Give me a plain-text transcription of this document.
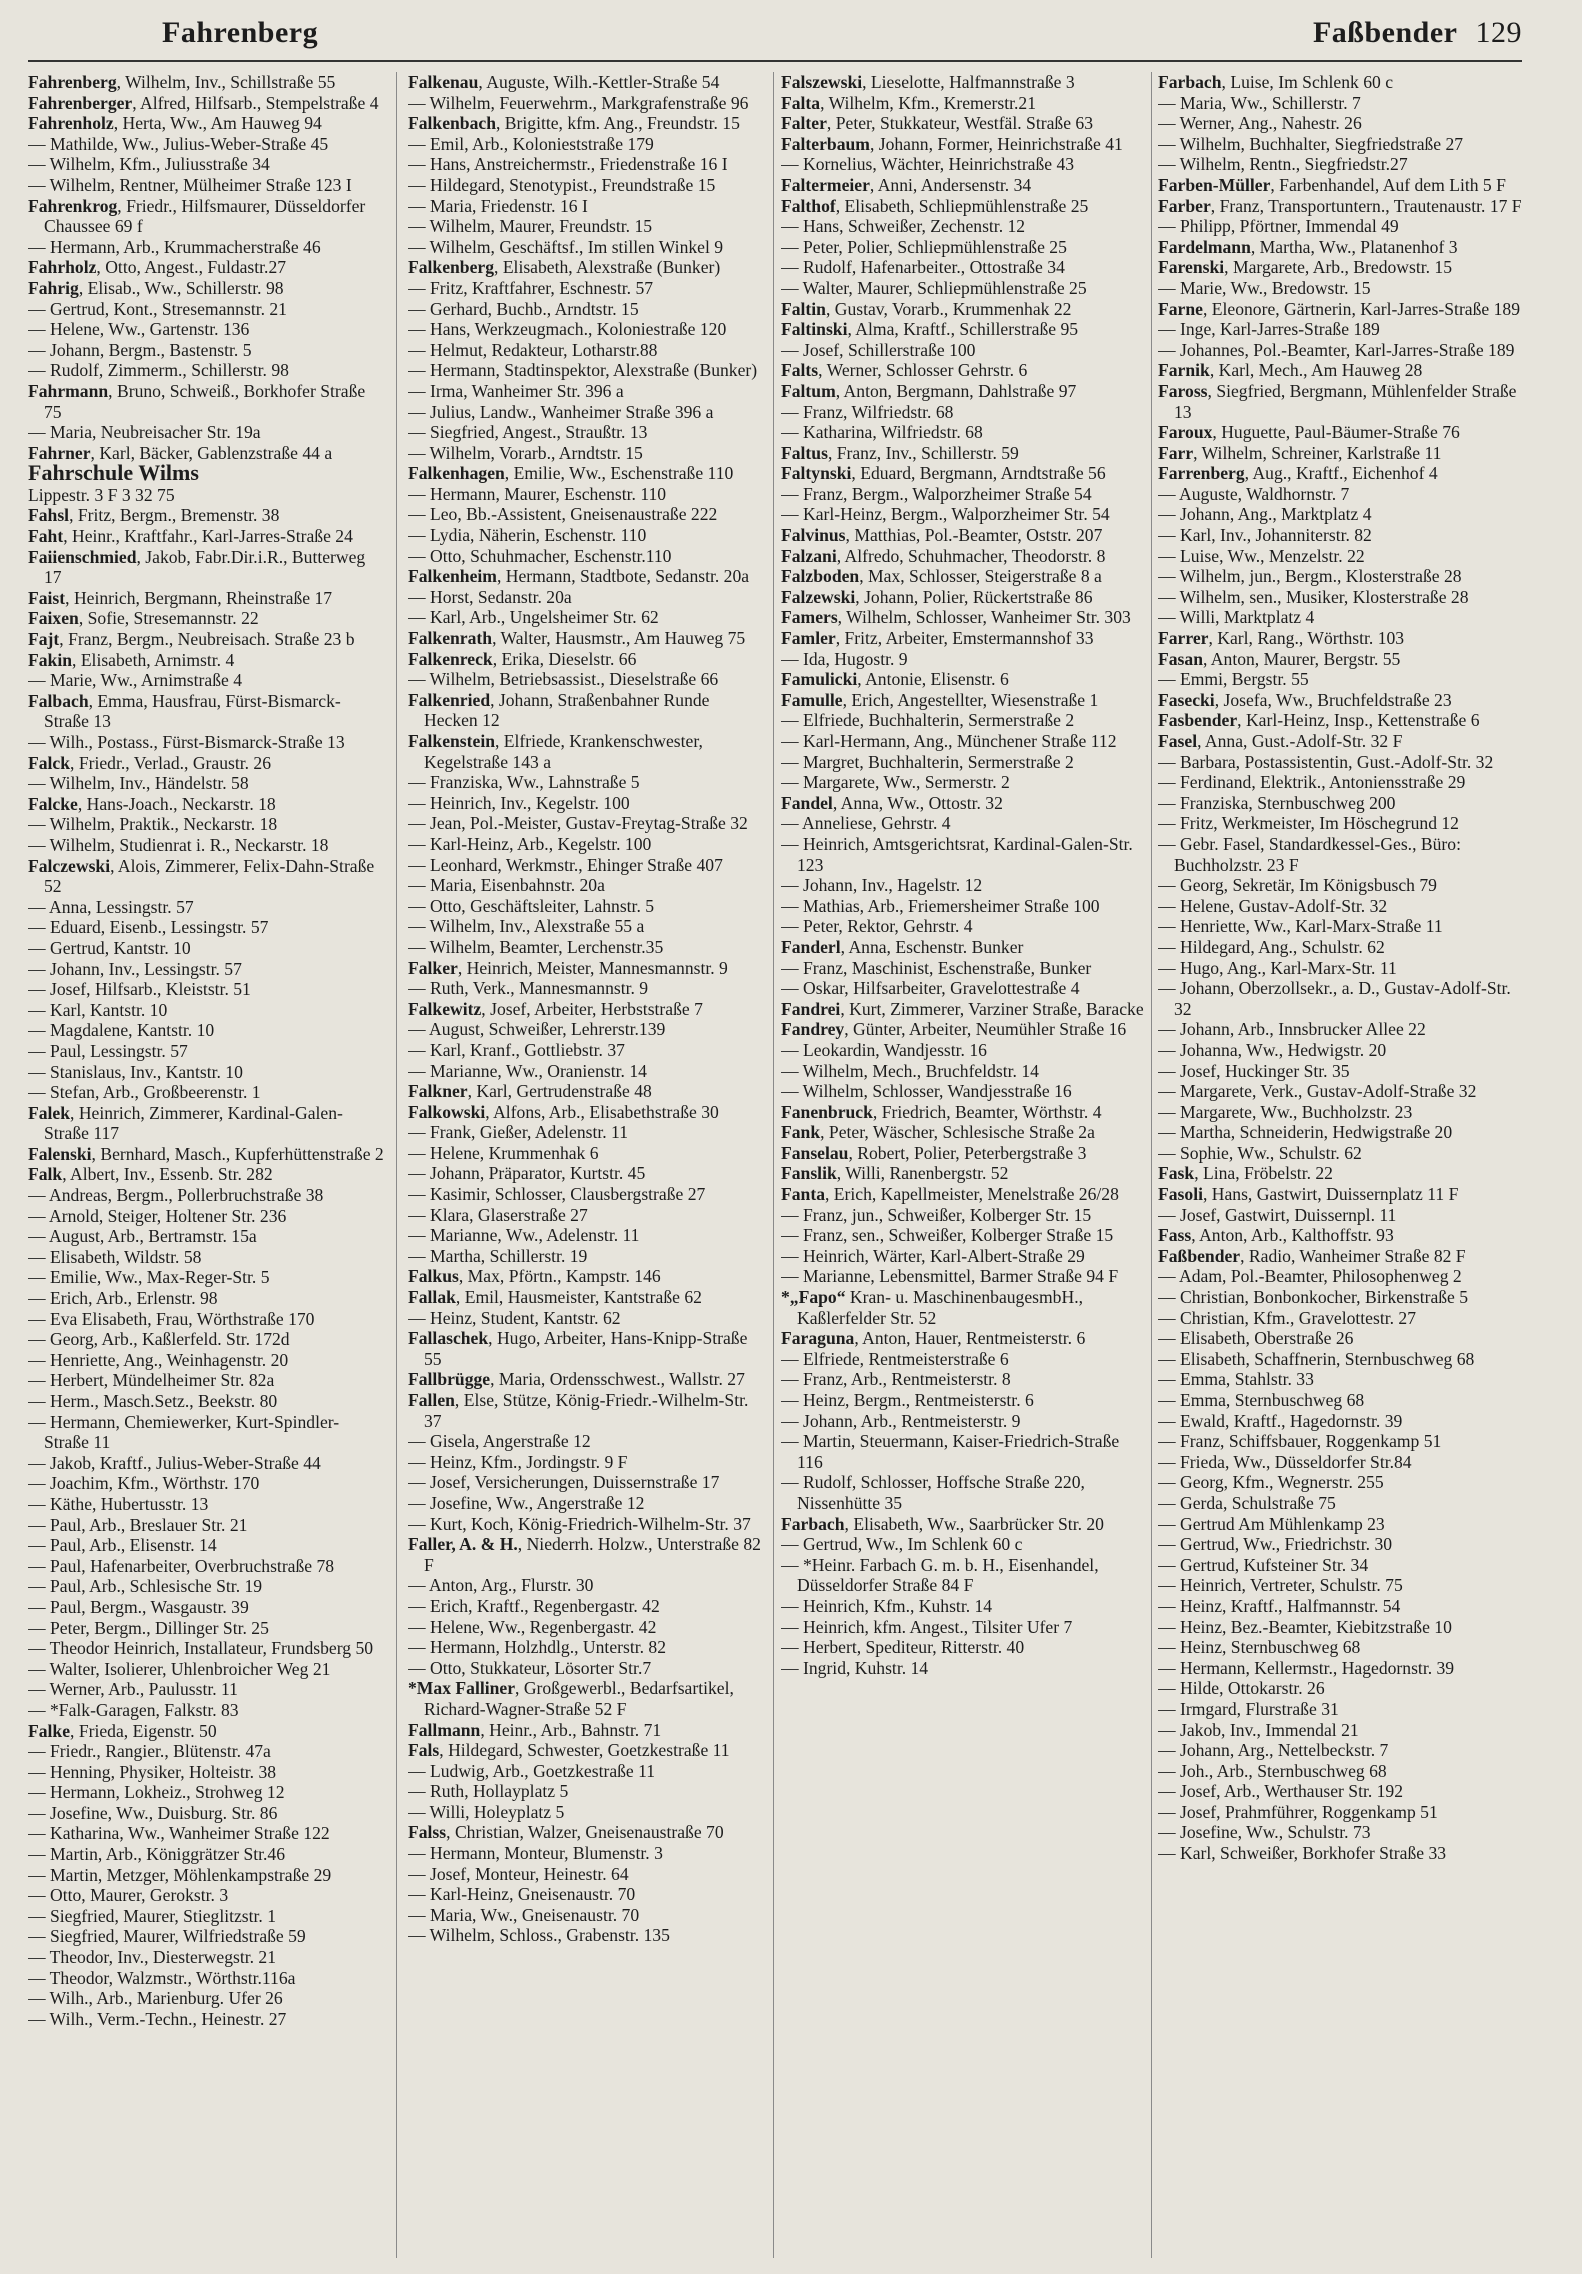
Fahrenberg	Faßbender 129
Fahrenberg, Wilhelm, Inv., Schillstraße 55
Fahrenberger, Alfred, Hilfsarb., Stempelstraße 4
Fahrenholz, Herta, Ww., Am Hauweg 94
— Mathilde, Ww., Julius-Weber-Straße 45
— Wilhelm, Kfm., Juliusstraße 34
— Wilhelm, Rentner, Mülheimer Straße 123 I
Fahrenkrog, Friedr., Hilfsmaurer, Düsseldorfer Chaussee 69 f
— Hermann, Arb., Krummacherstraße 46
Fahrholz, Otto, Angest., Fuldastr.27
Fahrig, Elisab., Ww., Schillerstr. 98
— Gertrud, Kont., Stresemannstr. 21
— Helene, Ww., Gartenstr. 136
— Johann, Bergm., Bastenstr. 5
— Rudolf, Zimmerm., Schillerstr. 98
Fahrmann, Bruno, Schweiß., Borkhofer Straße 75
— Maria, Neubreisacher Str. 19a
Fahrner, Karl, Bäcker, Gablenzstraße 44 a
Fahrschule Wilms
Lippestr. 3 F 3 32 75
Fahsl, Fritz, Bergm., Bremenstr. 38
Faht, Heinr., Kraftfahr., Karl-Jarres-Straße 24
Faiienschmied, Jakob, Fabr.Dir.i.R., Butterweg 17
Faist, Heinrich, Bergmann, Rheinstraße 17
Faixen, Sofie, Stresemannstr. 22
Fajt, Franz, Bergm., Neubreisach. Straße 23 b
Fakin, Elisabeth, Arnimstr. 4
— Marie, Ww., Arnimstraße 4
Falbach, Emma, Hausfrau, Fürst-Bismarck-Straße 13
— Wilh., Postass., Fürst-Bismarck-Straße 13
Falck, Friedr., Verlad., Graustr. 26
— Wilhelm, Inv., Händelstr. 58
Falcke, Hans-Joach., Neckarstr. 18
— Wilhelm, Praktik., Neckarstr. 18
— Wilhelm, Studienrat i. R., Neckarstr. 18
Falczewski, Alois, Zimmerer, Felix-Dahn-Straße 52
— Anna, Lessingstr. 57
— Eduard, Eisenb., Lessingstr. 57
— Gertrud, Kantstr. 10
— Johann, Inv., Lessingstr. 57
— Josef, Hilfsarb., Kleiststr. 51
— Karl, Kantstr. 10
— Magdalene, Kantstr. 10
— Paul, Lessingstr. 57
— Stanislaus, Inv., Kantstr. 10
— Stefan, Arb., Großbeerenstr. 1
Falek, Heinrich, Zimmerer, Kardinal-Galen-Straße 117
Falenski, Bernhard, Masch., Kupferhüttenstraße 2
Falk, Albert, Inv., Essenb. Str. 282
— Andreas, Bergm., Pollerbruchstraße 38
— Arnold, Steiger, Holtener Str. 236
— August, Arb., Bertramstr. 15a
— Elisabeth, Wildstr. 58
— Emilie, Ww., Max-Reger-Str. 5
— Erich, Arb., Erlenstr. 98
— Eva Elisabeth, Frau, Wörthstraße 170
— Georg, Arb., Kaßlerfeld. Str. 172d
— Henriette, Ang., Weinhagenstr. 20
— Herbert, Mündelheimer Str. 82a
— Herm., Masch.Setz., Beekstr. 80
— Hermann, Chemiewerker, Kurt-Spindler-Straße 11
— Jakob, Kraftf., Julius-Weber-Straße 44
— Joachim, Kfm., Wörthstr. 170
— Käthe, Hubertusstr. 13
— Paul, Arb., Breslauer Str. 21
— Paul, Arb., Elisenstr. 14
— Paul, Hafenarbeiter, Overbruchstraße 78
— Paul, Arb., Schlesische Str. 19
— Paul, Bergm., Wasgaustr. 39
— Peter, Bergm., Dillinger Str. 25
— Theodor Heinrich, Installateur, Frundsberg 50
— Walter, Isolierer, Uhlenbroicher Weg 21
— Werner, Arb., Paulusstr. 11
— *Falk-Garagen, Falkstr. 83
Falke, Frieda, Eigenstr. 50
— Friedr., Rangier., Blütenstr. 47a
— Henning, Physiker, Holteistr. 38
— Hermann, Lokheiz., Strohweg 12
— Josefine, Ww., Duisburg. Str. 86
— Katharina, Ww., Wanheimer Straße 122
— Martin, Arb., Königgrätzer Str.46
— Martin, Metzger, Möhlenkampstraße 29
— Otto, Maurer, Gerokstr. 3
— Siegfried, Maurer, Stieglitzstr. 1
— Siegfried, Maurer, Wilfriedstraße 59
— Theodor, Inv., Diesterwegstr. 21
— Theodor, Walzmstr., Wörthstr.116a
— Wilh., Arb., Marienburg. Ufer 26
— Wilh., Verm.-Techn., Heinestr. 27
Falkenau, Auguste, Wilh.-Kettler-Straße 54
— Wilhelm, Feuerwehrm., Markgrafenstraße 96
Falkenbach, Brigitte, kfm. Ang., Freundstr. 15
— Emil, Arb., Kolonieststraße 179
— Hans, Anstreichermstr., Friedenstraße 16 I
— Hildegard, Stenotypist., Freundstraße 15
— Maria, Friedenstr. 16 I
— Wilhelm, Maurer, Freundstr. 15
— Wilhelm, Geschäftsf., Im stillen Winkel 9
Falkenberg, Elisabeth, Alexstraße (Bunker)
— Fritz, Kraftfahrer, Eschnestr. 57
— Gerhard, Buchb., Arndtstr. 15
— Hans, Werkzeugmach., Koloniestraße 120
— Helmut, Redakteur, Lotharstr.88
— Hermann, Stadtinspektor, Alexstraße (Bunker)
— Irma, Wanheimer Str. 396 a
— Julius, Landw., Wanheimer Straße 396 a
— Siegfried, Angest., Straußtr. 13
— Wilhelm, Vorarb., Arndtstr. 15
Falkenhagen, Emilie, Ww., Eschenstraße 110
— Hermann, Maurer, Eschenstr. 110
— Leo, Bb.-Assistent, Gneisenaustraße 222
— Lydia, Näherin, Eschenstr. 110
— Otto, Schuhmacher, Eschenstr.110
Falkenheim, Hermann, Stadtbote, Sedanstr. 20a
— Horst, Sedanstr. 20a
— Karl, Arb., Ungelsheimer Str. 62
Falkenrath, Walter, Hausmstr., Am Hauweg 75
Falkenreck, Erika, Dieselstr. 66
— Wilhelm, Betriebsassist., Dieselstraße 66
Falkenried, Johann, Straßenbahner Runde Hecken 12
Falkenstein, Elfriede, Krankenschwester, Kegelstraße 143 a
— Franziska, Ww., Lahnstraße 5
— Heinrich, Inv., Kegelstr. 100
— Jean, Pol.-Meister, Gustav-Freytag-Straße 32
— Karl-Heinz, Arb., Kegelstr. 100
— Leonhard, Werkmstr., Ehinger Straße 407
— Maria, Eisenbahnstr. 20a
— Otto, Geschäftsleiter, Lahnstr. 5
— Wilhelm, Inv., Alexstraße 55 a
— Wilhelm, Beamter, Lerchenstr.35
Falker, Heinrich, Meister, Mannesmannstr. 9
— Ruth, Verk., Mannesmannstr. 9
Falkewitz, Josef, Arbeiter, Herbststraße 7
— August, Schweißer, Lehrerstr.139
— Karl, Kranf., Gottliebstr. 37
— Marianne, Ww., Oranienstr. 14
Falkner, Karl, Gertrudenstraße 48
Falkowski, Alfons, Arb., Elisabethstraße 30
— Frank, Gießer, Adelenstr. 11
— Helene, Krummenhak 6
— Johann, Präparator, Kurtstr. 45
— Kasimir, Schlosser, Clausbergstraße 27
— Klara, Glaserstraße 27
— Marianne, Ww., Adelenstr. 11
— Martha, Schillerstr. 19
Falkus, Max, Pförtn., Kampstr. 146
Fallak, Emil, Hausmeister, Kantstraße 62
— Heinz, Student, Kantstr. 62
Fallaschek, Hugo, Arbeiter, Hans-Knipp-Straße 55
Fallbrügge, Maria, Ordensschwest., Wallstr. 27
Fallen, Else, Stütze, König-Friedr.-Wilhelm-Str. 37
— Gisela, Angerstraße 12
— Heinz, Kfm., Jordingstr. 9 F
— Josef, Versicherungen, Duissernstraße 17
— Josefine, Ww., Angerstraße 12
— Kurt, Koch, König-Friedrich-Wilhelm-Str. 37
Faller, A. & H., Niederrh. Holzw., Unterstraße 82 F
— Anton, Arg., Flurstr. 30
— Erich, Kraftf., Regenbergastr. 42
— Helene, Ww., Regenbergastr. 42
— Hermann, Holzhdlg., Unterstr. 82
— Otto, Stukkateur, Lösorter Str.7
*Max Falliner, Großgewerbl., Bedarfsartikel, Richard-Wagner-Straße 52 F
Fallmann, Heinr., Arb., Bahnstr. 71
Fals, Hildegard, Schwester, Goetzkestraße 11
— Ludwig, Arb., Goetzkestraße 11
— Ruth, Hollayplatz 5
— Willi, Holeyplatz 5
Falss, Christian, Walzer, Gneisenaustraße 70
— Hermann, Monteur, Blumenstr. 3
— Josef, Monteur, Heinestr. 64
— Karl-Heinz, Gneisenaustr. 70
— Maria, Ww., Gneisenaustr. 70
— Wilhelm, Schloss., Grabenstr. 135
Falszewski, Lieselotte, Halfmannstraße 3
Falta, Wilhelm, Kfm., Kremerstr.21
Falter, Peter, Stukkateur, Westfäl. Straße 63
Falterbaum, Johann, Former, Heinrichstraße 41
— Kornelius, Wächter, Heinrichstraße 43
Faltermeier, Anni, Andersenstr. 34
Falthof, Elisabeth, Schliepmühlenstraße 25
— Hans, Schweißer, Zechenstr. 12
— Peter, Polier, Schliepmühlenstraße 25
— Rudolf, Hafenarbeiter., Ottostraße 34
— Walter, Maurer, Schliepmühlenstraße 25
Faltin, Gustav, Vorarb., Krummenhak 22
Faltinski, Alma, Kraftf., Schillerstraße 95
— Josef, Schillerstraße 100
Falts, Werner, Schlosser Gehrstr. 6
Faltum, Anton, Bergmann, Dahlstraße 97
— Franz, Wilfriedstr. 68
— Katharina, Wilfriedstr. 68
Faltus, Franz, Inv., Schillerstr. 59
Faltynski, Eduard, Bergmann, Arndtstraße 56
— Franz, Bergm., Walporzheimer Straße 54
— Karl-Heinz, Bergm., Walporzheimer Str. 54
Falvinus, Matthias, Pol.-Beamter, Oststr. 207
Falzani, Alfredo, Schuhmacher, Theodorstr. 8
Falzboden, Max, Schlosser, Steigerstraße 8 a
Falzewski, Johann, Polier, Rückertstraße 86
Famers, Wilhelm, Schlosser, Wanheimer Str. 303
Famler, Fritz, Arbeiter, Emstermannshof 33
— Ida, Hugostr. 9
Famulicki, Antonie, Elisenstr. 6
Famulle, Erich, Angestellter, Wiesenstraße 1
— Elfriede, Buchhalterin, Sermerstraße 2
— Karl-Hermann, Ang., Münchener Straße 112
— Margret, Buchhalterin, Sermerstraße 2
— Margarete, Ww., Sermerstr. 2
Fandel, Anna, Ww., Ottostr. 32
— Anneliese, Gehrstr. 4
— Heinrich, Amtsgerichtsrat, Kardinal-Galen-Str. 123
— Johann, Inv., Hagelstr. 12
— Mathias, Arb., Friemersheimer Straße 100
— Peter, Rektor, Gehrstr. 4
Fanderl, Anna, Eschenstr. Bunker
— Franz, Maschinist, Eschenstraße, Bunker
— Oskar, Hilfsarbeiter, Gravelottestraße 4
Fandrei, Kurt, Zimmerer, Varziner Straße, Baracke
Fandrey, Günter, Arbeiter, Neumühler Straße 16
— Leokardin, Wandjesstr. 16
— Wilhelm, Mech., Bruchfeldstr. 14
— Wilhelm, Schlosser, Wandjesstraße 16
Fanenbruck, Friedrich, Beamter, Wörthstr. 4
Fank, Peter, Wäscher, Schlesische Straße 2a
Fanselau, Robert, Polier, Peterbergstraße 3
Fanslik, Willi, Ranenbergstr. 52
Fanta, Erich, Kapellmeister, Menelstraße 26/28
— Franz, jun., Schweißer, Kolberger Str. 15
— Franz, sen., Schweißer, Kolberger Straße 15
— Heinrich, Wärter, Karl-Albert-Straße 29
— Marianne, Lebensmittel, Barmer Straße 94 F
*„Fapo“ Kran- u. MaschinenbaugesmbH., Kaßlerfelder Str. 52
Faraguna, Anton, Hauer, Rentmeisterstr. 6
— Elfriede, Rentmeisterstraße 6
— Franz, Arb., Rentmeisterstr. 8
— Heinz, Bergm., Rentmeisterstr. 6
— Johann, Arb., Rentmeisterstr. 9
— Martin, Steuermann, Kaiser-Friedrich-Straße 116
— Rudolf, Schlosser, Hoffsche Straße 220, Nissenhütte 35
Farbach, Elisabeth, Ww., Saarbrücker Str. 20
— Gertrud, Ww., Im Schlenk 60 c
— *Heinr. Farbach G. m. b. H., Eisenhandel, Düsseldorfer Straße 84 F
— Heinrich, Kfm., Kuhstr. 14
— Heinrich, kfm. Angest., Tilsiter Ufer 7
— Herbert, Spediteur, Ritterstr. 40
— Ingrid, Kuhstr. 14
Farbach, Luise, Im Schlenk 60 c
— Maria, Ww., Schillerstr. 7
— Werner, Ang., Nahestr. 26
— Wilhelm, Buchhalter, Siegfriedstraße 27
— Wilhelm, Rentn., Siegfriedstr.27
Farben-Müller, Farbenhandel, Auf dem Lith 5 F
Farber, Franz, Transportuntern., Trautenaustr. 17 F
— Philipp, Pförtner, Immendal 49
Fardelmann, Martha, Ww., Platanenhof 3
Farenski, Margarete, Arb., Bredowstr. 15
— Marie, Ww., Bredowstr. 15
Farne, Eleonore, Gärtnerin, Karl-Jarres-Straße 189
— Inge, Karl-Jarres-Straße 189
— Johannes, Pol.-Beamter, Karl-Jarres-Straße 189
Farnik, Karl, Mech., Am Hauweg 28
Faross, Siegfried, Bergmann, Mühlenfelder Straße 13
Faroux, Huguette, Paul-Bäumer-Straße 76
Farr, Wilhelm, Schreiner, Karlstraße 11
Farrenberg, Aug., Kraftf., Eichenhof 4
— Auguste, Waldhornstr. 7
— Johann, Ang., Marktplatz 4
— Karl, Inv., Johanniterstr. 82
— Luise, Ww., Menzelstr. 22
— Wilhelm, jun., Bergm., Klosterstraße 28
— Wilhelm, sen., Musiker, Klosterstraße 28
— Willi, Marktplatz 4
Farrer, Karl, Rang., Wörthstr. 103
Fasan, Anton, Maurer, Bergstr. 55
— Emmi, Bergstr. 55
Fasecki, Josefa, Ww., Bruchfeldstraße 23
Fasbender, Karl-Heinz, Insp., Kettenstraße 6
Fasel, Anna, Gust.-Adolf-Str. 32 F
— Barbara, Postassistentin, Gust.-Adolf-Str. 32
— Ferdinand, Elektrik., Antoniensstraße 29
— Franziska, Sternbuschweg 200
— Fritz, Werkmeister, Im Höschegrund 12
— Gebr. Fasel, Standardkessel-Ges., Büro: Buchholzstr. 23 F
— Georg, Sekretär, Im Königsbusch 79
— Helene, Gustav-Adolf-Str. 32
— Henriette, Ww., Karl-Marx-Straße 11
— Hildegard, Ang., Schulstr. 62
— Hugo, Ang., Karl-Marx-Str. 11
— Johann, Oberzollsekr., a. D., Gustav-Adolf-Str. 32
— Johann, Arb., Innsbrucker Allee 22
— Johanna, Ww., Hedwigstr. 20
— Josef, Huckinger Str. 35
— Margarete, Verk., Gustav-Adolf-Straße 32
— Margarete, Ww., Buchholzstr. 23
— Martha, Schneiderin, Hedwigstraße 20
— Sophie, Ww., Schulstr. 62
Fask, Lina, Fröbelstr. 22
Fasoli, Hans, Gastwirt, Duissernplatz 11 F
— Josef, Gastwirt, Duissernpl. 11
Fass, Anton, Arb., Kalthoffstr. 93
Faßbender, Radio, Wanheimer Straße 82 F
— Adam, Pol.-Beamter, Philosophenweg 2
— Christian, Bonbonkocher, Birkenstraße 5
— Christian, Kfm., Gravelottestr. 27
— Elisabeth, Oberstraße 26
— Elisabeth, Schaffnerin, Sternbuschweg 68
— Emma, Stahlstr. 33
— Emma, Sternbuschweg 68
— Ewald, Kraftf., Hagedornstr. 39
— Franz, Schiffsbauer, Roggenkamp 51
— Frieda, Ww., Düsseldorfer Str.84
— Georg, Kfm., Wegnerstr. 255
— Gerda, Schulstraße 75
— Gertrud Am Mühlenkamp 23
— Gertrud, Ww., Friedrichstr. 30
— Gertrud, Kufsteiner Str. 34
— Heinrich, Vertreter, Schulstr. 75
— Heinz, Kraftf., Halfmannstr. 54
— Heinz, Bez.-Beamter, Kiebitzstraße 10
— Heinz, Sternbuschweg 68
— Hermann, Kellermstr., Hagedornstr. 39
— Hilde, Ottokarstr. 26
— Irmgard, Flurstraße 31
— Jakob, Inv., Immendal 21
— Johann, Arg., Nettelbeckstr. 7
— Joh., Arb., Sternbuschweg 68
— Josef, Arb., Werthauser Str. 192
— Josef, Prahmführer, Roggenkamp 51
— Josefine, Ww., Schulstr. 73
— Karl, Schweißer, Borkhofer Straße 33
